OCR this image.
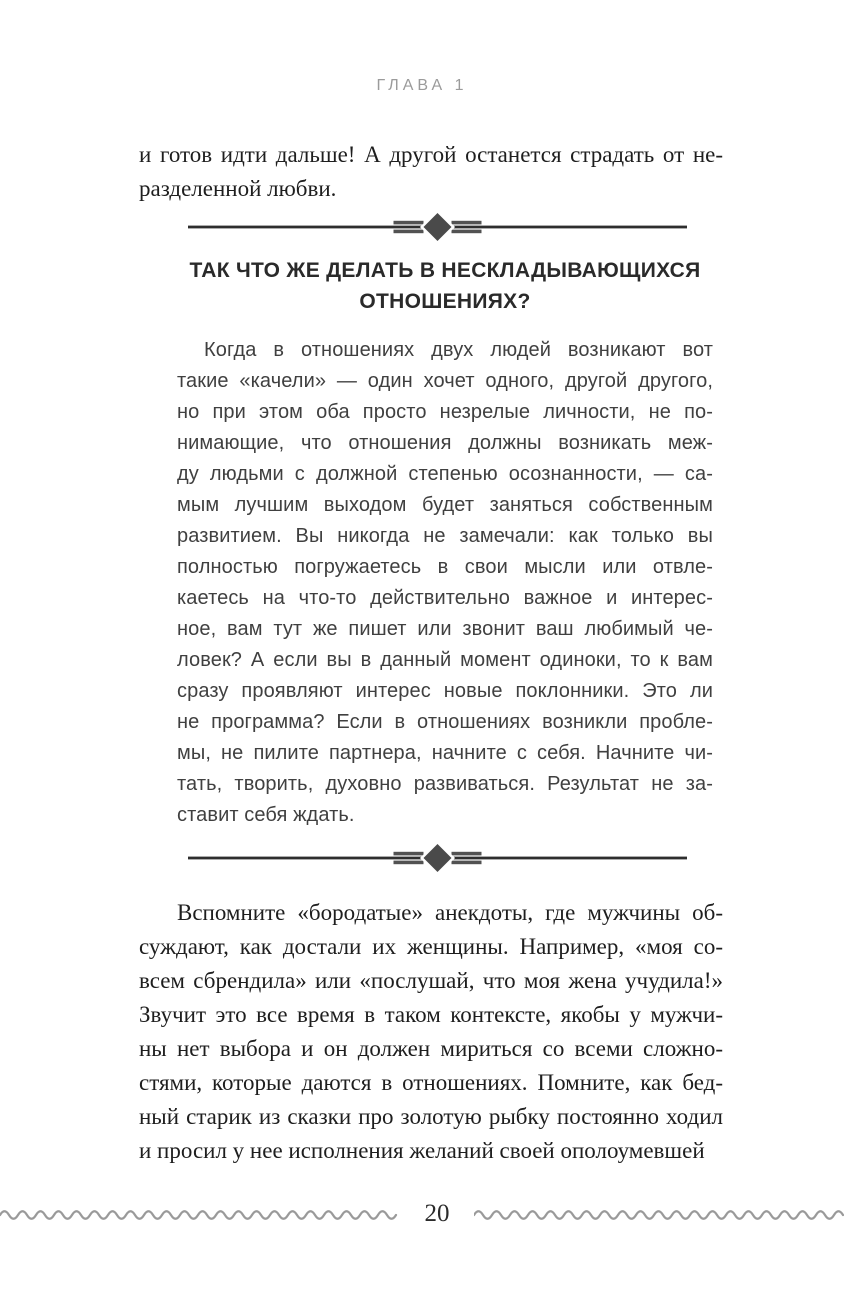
ГЛАВА 1
и готов идти дальше! А другой останется страдать от не-
разделенной любви.
ТАК ЧТО ЖЕ ДЕЛАТЬ В НЕСКЛАДЫВАЮЩИХСЯ
ОТНОШЕНИЯХ?
Когда в отношениях двух людей возникают вот
такие «качели» — один хочет одного, другой другого,
но при этом оба просто незрелые личности, не по-
нимающие, что отношения должны возникать меж-
ду людьми с должной степенью осознанности, — са-
мым лучшим выходом будет заняться собственным
развитием. Вы никогда не замечали: как только вы
полностью погружаетесь в свои мысли или отвле-
каетесь на что-то действительно важное и интерес-
ное, вам тут же пишет или звонит ваш любимый че-
ловек? А если вы в данный момент одиноки, то к вам
сразу проявляют интерес новые поклонники. Это ли
не программа? Если в отношениях возникли пробле-
мы, не пилите партнера, начните с себя. Начните чи-
тать, творить, духовно развиваться. Результат не за-
ставит себя ждать.
Вспомните «бородатые» анекдоты, где мужчины об-
суждают, как достали их женщины. Например, «моя со-
всем сбрендила» или «послушай, что моя жена учудила!»
Звучит это все время в таком контексте, якобы у мужчи-
ны нет выбора и он должен мириться со всеми сложно-
стями, которые даются в отношениях. Помните, как бед-
ный старик из сказки про золотую рыбку постоянно ходил
и просил у нее исполнения желаний своей ополоумевшей
20
